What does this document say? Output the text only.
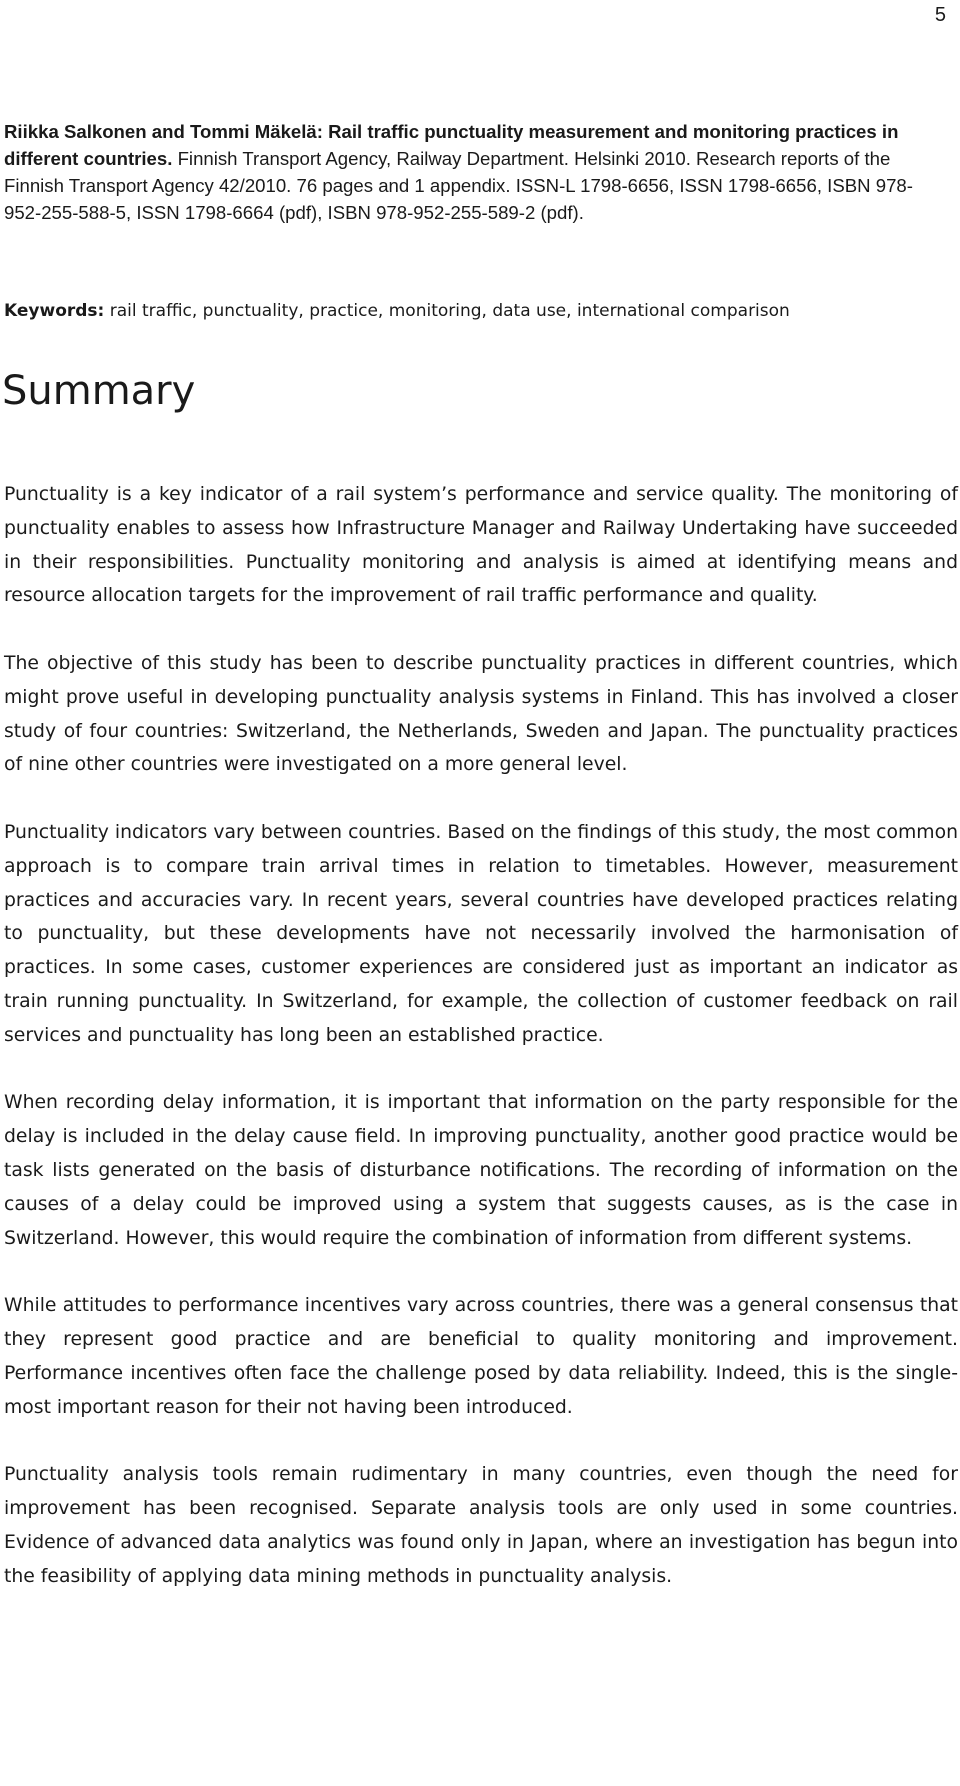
5

Riikka Salkonen and Tommi Mäkelä: Rail traffic punctuality measurement and monitoring practices in different countries. Finnish Transport Agency, Railway Department. Helsinki 2010. Research reports of the Finnish Transport Agency 42/2010. 76 pages and 1 appendix. ISSN-L 1798-6656, ISSN 1798-6656, ISBN 978-952-255-588-5, ISSN 1798-6664 (pdf), ISBN 978-952-255-589-2 (pdf).

Keywords: rail traffic, punctuality, practice, monitoring, data use, international comparison

Summary

Punctuality is a key indicator of a rail system’s performance and service quality. The monitoring of punctuality enables to assess how Infrastructure Manager and Railway Undertaking have succeeded in their responsibilities. Punctuality monitoring and analysis is aimed at identifying means and resource allocation targets for the improvement of rail traffic performance and quality.

The objective of this study has been to describe punctuality practices in different countries, which might prove useful in developing punctuality analysis systems in Finland. This has involved a closer study of four countries: Switzerland, the Netherlands, Sweden and Japan. The punctuality practices of nine other countries were investigated on a more general level.

Punctuality indicators vary between countries. Based on the findings of this study, the most common approach is to compare train arrival times in relation to timetables. However, measurement practices and accuracies vary. In recent years, several countries have developed practices relating to punctuality, but these developments have not necessarily involved the harmonisation of practices. In some cases, customer experiences are considered just as important an indicator as train running punctuality. In Switzerland, for example, the collection of customer feedback on rail services and punctuality has long been an established practice.

When recording delay information, it is important that information on the party responsible for the delay is included in the delay cause field. In improving punctuality, another good practice would be task lists generated on the basis of disturbance notifications. The recording of information on the causes of a delay could be improved using a system that suggests causes, as is the case in Switzerland. However, this would require the combination of information from different systems.

While attitudes to performance incentives vary across countries, there was a general consensus that they represent good practice and are beneficial to quality monitoring and improvement. Performance incentives often face the challenge posed by data reliability. Indeed, this is the single-most important reason for their not having been introduced.

Punctuality analysis tools remain rudimentary in many countries, even though the need for improvement has been recognised. Separate analysis tools are only used in some countries. Evidence of advanced data analytics was found only in Japan, where an investigation has begun into the feasibility of applying data mining methods in punctuality analysis.
